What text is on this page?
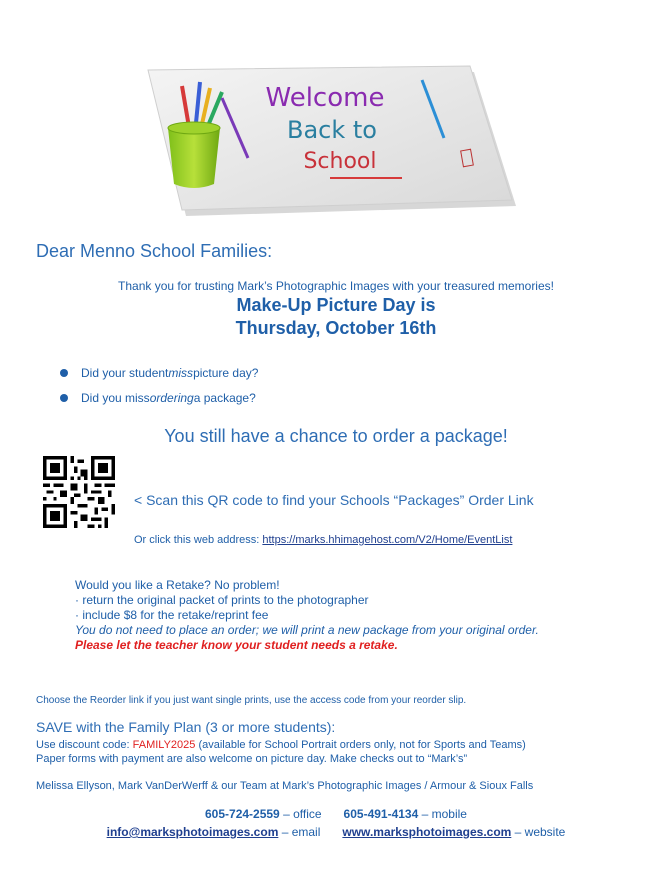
Welcome
Back to
School
Dear Menno School Families:
Thank you for trusting Mark’s Photographic Images with your treasured memories!
Make-Up Picture Day is
Thursday, October 16th
Did your student miss picture day?
Did you miss ordering a package?
You still have a chance to order a package!
< Scan this QR code to find your Schools “Packages” Order Link
Or click this web address: https://marks.hhimagehost.com/V2/Home/EventList
Would you like a Retake? No problem!
· return the original packet of prints to the photographer
· include $8 for the retake/reprint fee
You do not need to place an order; we will print a new package from your original order.
Please let the teacher know your student needs a retake.
Choose the Reorder link if you just want single prints, use the access code from your reorder slip.
SAVE with the Family Plan (3 or more students):
Use discount code: FAMILY2025 (available for School Portrait orders only, not for Sports and Teams)
Paper forms with payment are also welcome on picture day. Make checks out to “Mark’s”
Melissa Ellyson, Mark VanDerWerff & our Team at Mark’s Photographic Images / Armour & Sioux Falls
605-724-2559 – office 605-491-4134 – mobile
info@marksphotoimages.com – email www.marksphotoimages.com – website
